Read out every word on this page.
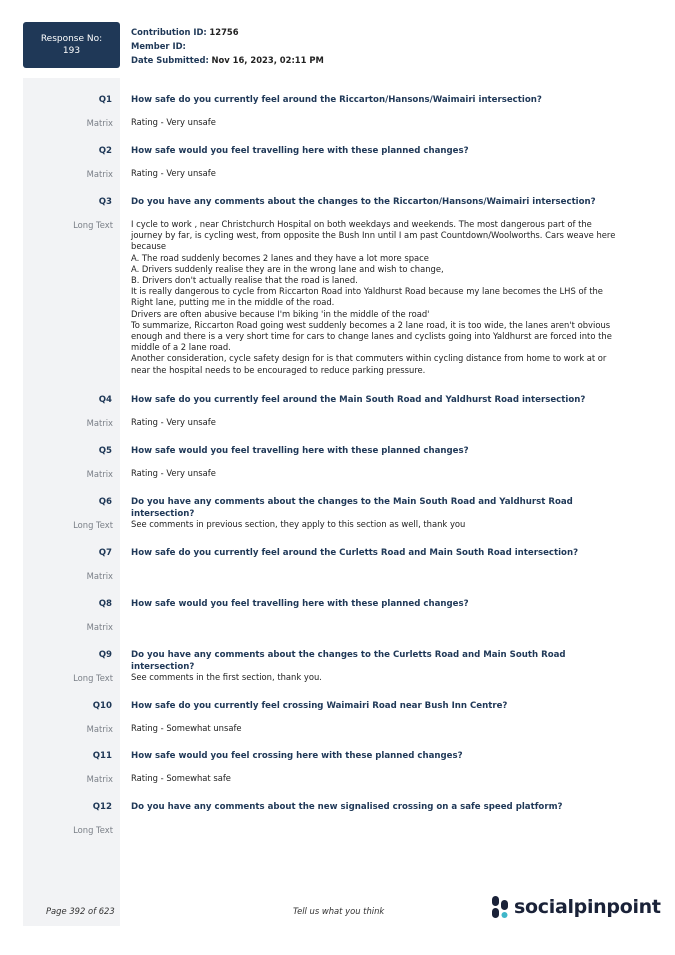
Response No:
193
Contribution ID: 12756
Member ID:
Date Submitted: Nov 16, 2023, 02:11 PM
Q1 How safe do you currently feel around the Riccarton/Hansons/Waimairi intersection?
Matrix Rating - Very unsafe
Q2 How safe would you feel travelling here with these planned changes?
Matrix Rating - Very unsafe
Q3 Do you have any comments about the changes to the Riccarton/Hansons/Waimairi intersection?
Long Text I cycle to work , near Christchurch Hospital on both weekdays and weekends. The most dangerous part of the
journey by far, is cycling west, from opposite the Bush Inn until I am past Countdown/Woolworths. Cars weave here
because
A. The road suddenly becomes 2 lanes and they have a lot more space
A. Drivers suddenly realise they are in the wrong lane and wish to change,
B. Drivers don't actually realise that the road is laned.
It is really dangerous to cycle from Riccarton Road into Yaldhurst Road because my lane becomes the LHS of the
Right lane, putting me in the middle of the road.
Drivers are often abusive because I'm biking 'in the middle of the road'
To summarize, Riccarton Road going west suddenly becomes a 2 lane road, it is too wide, the lanes aren't obvious
enough and there is a very short time for cars to change lanes and cyclists going into Yaldhurst are forced into the
middle of a 2 lane road.
Another consideration, cycle safety design for is that commuters within cycling distance from home to work at or
near the hospital needs to be encouraged to reduce parking pressure.
Q4 How safe do you currently feel around the Main South Road and Yaldhurst Road intersection?
Matrix Rating - Very unsafe
Q5 How safe would you feel travelling here with these planned changes?
Matrix Rating - Very unsafe
Q6 Do you have any comments about the changes to the Main South Road and Yaldhurst Road intersection?
Long Text See comments in previous section, they apply to this section as well, thank you
Q7 How safe do you currently feel around the Curletts Road and Main South Road intersection?
Matrix
Q8 How safe would you feel travelling here with these planned changes?
Matrix
Q9 Do you have any comments about the changes to the Curletts Road and Main South Road intersection?
Long Text See comments in the first section, thank you.
Q10 How safe do you currently feel crossing Waimairi Road near Bush Inn Centre?
Matrix Rating - Somewhat unsafe
Q11 How safe would you feel crossing here with these planned changes?
Matrix Rating - Somewhat safe
Q12 Do you have any comments about the new signalised crossing on a safe speed platform?
Long Text
Page 392 of 623	Tell us what you think	socialpinpoint
